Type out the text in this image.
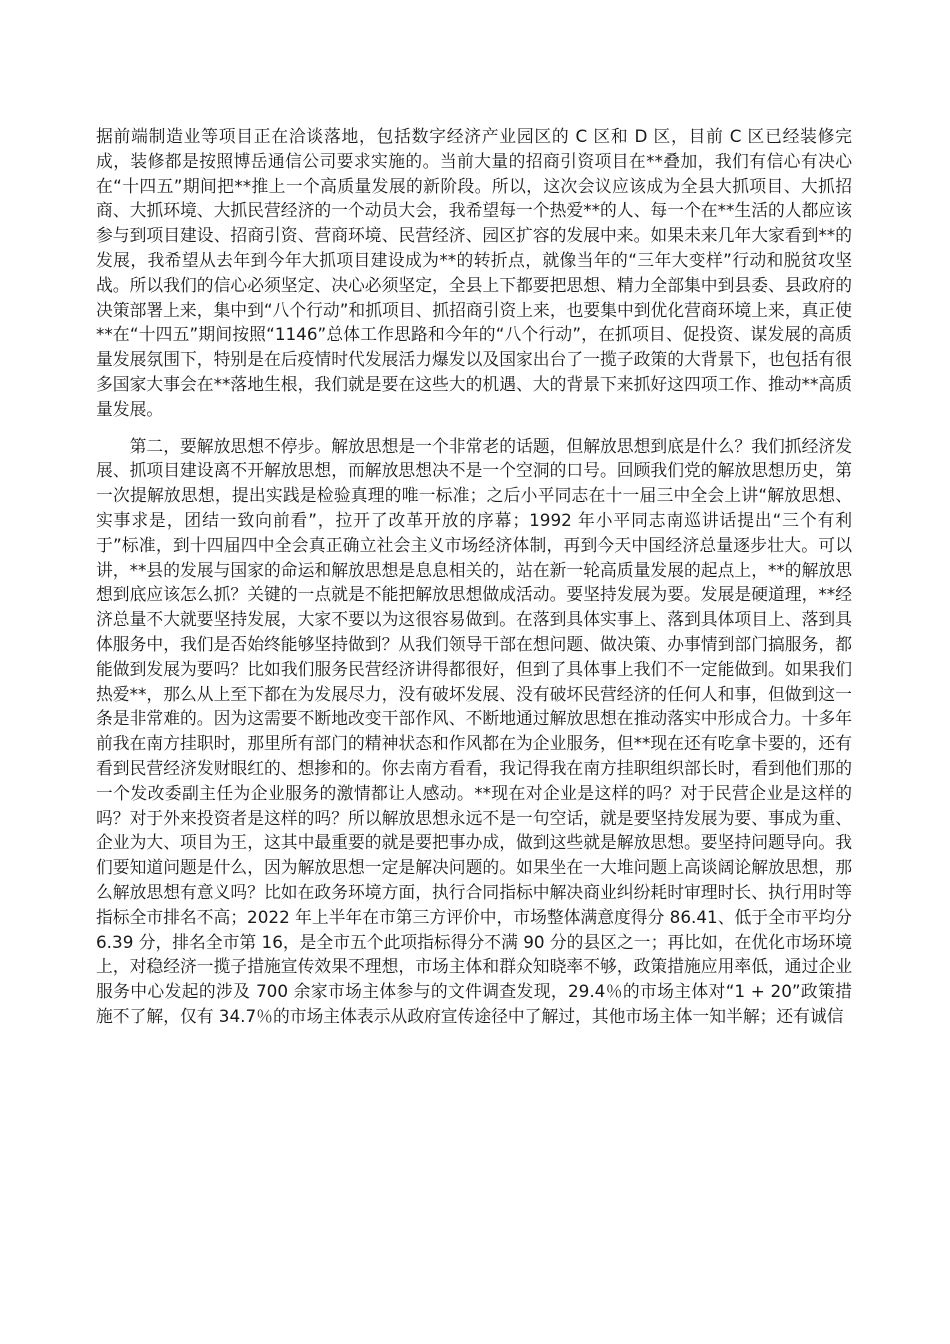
据前端制造业等项目正在洽谈落地，包括数字经济产业园区的 C 区和 D 区，目前 C 区已经装修完成，装修都是按照博岳通信公司要求实施的。当前大量的招商引资项目在**叠加，我们有信心有决心在“十四五”期间把**推上一个高质量发展的新阶段。所以，这次会议应该成为全县大抓项目、大抓招商、大抓环境、大抓民营经济的一个动员大会，我希望每一个热爱**的人、每一个在**生活的人都应该参与到项目建设、招商引资、营商环境、民营经济、园区扩容的发展中来。如果未来几年大家看到**的发展，我希望从去年到今年大抓项目建设成为**的转折点，就像当年的“三年大变样”行动和脱贫攻坚战。所以我们的信心必须坚定、决心必须坚定，全县上下都要把思想、精力全部集中到县委、县政府的决策部署上来，集中到“八个行动”和抓项目、抓招商引资上来，也要集中到优化营商环境上来，真正使**在“十四五”期间按照“1146”总体工作思路和今年的“八个行动”，在抓项目、促投资、谋发展的高质量发展氛围下，特别是在后疫情时代发展活力爆发以及国家出台了一揽子政策的大背景下，也包括有很多国家大事会在**落地生根，我们就是要在这些大的机遇、大的背景下来抓好这四项工作、推动**高质量发展。

第二，要解放思想不停步。解放思想是一个非常老的话题，但解放思想到底是什么？我们抓经济发展、抓项目建设离不开解放思想，而解放思想决不是一个空洞的口号。回顾我们党的解放思想历史，第一次提解放思想，提出实践是检验真理的唯一标准；之后小平同志在十一届三中全会上讲“解放思想、实事求是，团结一致向前看”，拉开了改革开放的序幕；1992 年小平同志南巡讲话提出“三个有利于”标准，到十四届四中全会真正确立社会主义市场经济体制，再到今天中国经济总量逐步壮大。可以讲，**县的发展与国家的命运和解放思想是息息相关的，站在新一轮高质量发展的起点上，**的解放思想到底应该怎么抓？关键的一点就是不能把解放思想做成活动。要坚持发展为要。发展是硬道理，**经济总量不大就要坚持发展，大家不要以为这很容易做到。在落到具体实事上、落到具体项目上、落到具体服务中，我们是否始终能够坚持做到？从我们领导干部在想问题、做决策、办事情到部门搞服务，都能做到发展为要吗？比如我们服务民营经济讲得都很好，但到了具体事上我们不一定能做到。如果我们热爱**，那么从上至下都在为发展尽力，没有破坏发展、没有破坏民营经济的任何人和事，但做到这一条是非常难的。因为这需要不断地改变干部作风、不断地通过解放思想在推动落实中形成合力。十多年前我在南方挂职时，那里所有部门的精神状态和作风都在为企业服务，但**现在还有吃拿卡要的，还有看到民营经济发财眼红的、想掺和的。你去南方看看，我记得我在南方挂职组织部长时，看到他们那的一个发改委副主任为企业服务的激情都让人感动。**现在对企业是这样的吗？对于民营企业是这样的吗？对于外来投资者是这样的吗？所以解放思想永远不是一句空话，就是要坚持发展为要、事成为重、企业为大、项目为王，这其中最重要的就是要把事办成，做到这些就是解放思想。要坚持问题导向。我们要知道问题是什么，因为解放思想一定是解决问题的。如果坐在一大堆问题上高谈阔论解放思想，那么解放思想有意义吗？比如在政务环境方面，执行合同指标中解决商业纠纷耗时审理时长、执行用时等指标全市排名不高；2022 年上半年在市第三方评价中，市场整体满意度得分 86.41、低于全市平均分 6.39 分，排名全市第 16，是全市五个此项指标得分不满 90 分的县区之一；再比如，在优化市场环境上，对稳经济一揽子措施宣传效果不理想，市场主体和群众知晓率不够，政策措施应用率低，通过企业服务中心发起的涉及 700 余家市场主体参与的文件调查发现，29.4％的市场主体对“1 + 20”政策措施不了解，仅有 34.7％的市场主体表示从政府宣传途径中了解过，其他市场主体一知半解；还有诚信
